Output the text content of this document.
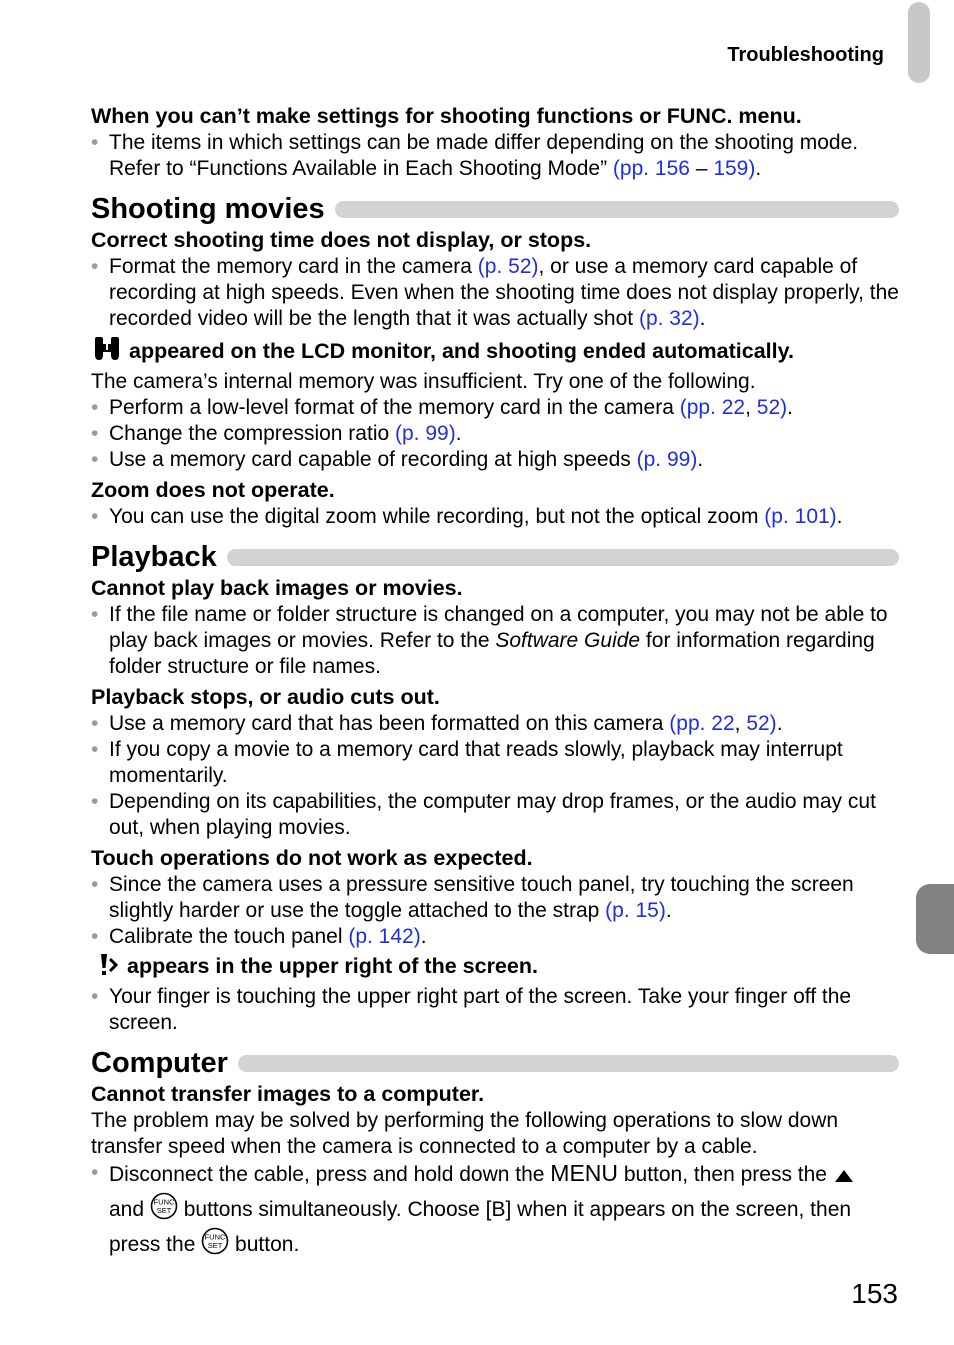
Troubleshooting

When you can’t make settings for shooting functions or FUNC. menu.

• The items in which settings can be made differ depending on the shooting mode. Refer to “Functions Available in Each Shooting Mode” (pp. 156 – 159).

Shooting movies

Correct shooting time does not display, or stops.

• Format the memory card in the camera (p. 52), or use a memory card capable of recording at high speeds. Even when the shooting time does not display properly, the recorded video will be the length that it was actually shot (p. 32).

appeared on the LCD monitor, and shooting ended automatically.

The camera’s internal memory was insufficient. Try one of the following.

• Perform a low-level format of the memory card in the camera (pp. 22, 52).

• Change the compression ratio (p. 99).

• Use a memory card capable of recording at high speeds (p. 99).

Zoom does not operate.

• You can use the digital zoom while recording, but not the optical zoom (p. 101).

Playback

Cannot play back images or movies.

• If the file name or folder structure is changed on a computer, you may not be able to play back images or movies. Refer to the Software Guide for information regarding folder structure or file names.

Playback stops, or audio cuts out.

• Use a memory card that has been formatted on this camera (pp. 22, 52).

• If you copy a movie to a memory card that reads slowly, playback may interrupt momentarily.

• Depending on its capabilities, the computer may drop frames, or the audio may cut out, when playing movies.

Touch operations do not work as expected.

• Since the camera uses a pressure sensitive touch panel, try touching the screen slightly harder or use the toggle attached to the strap (p. 15).

• Calibrate the touch panel (p. 142).

appears in the upper right of the screen.

• Your finger is touching the upper right part of the screen. Take your finger off the screen.

Computer

Cannot transfer images to a computer.

The problem may be solved by performing the following operations to slow down transfer speed when the camera is connected to a computer by a cable.

• Disconnect the cable, press and hold down the MENU button, then press the
and FUNC
SET buttons simultaneously. Choose [B] when it appears on the screen, then press the FUNC
SET button.

153
